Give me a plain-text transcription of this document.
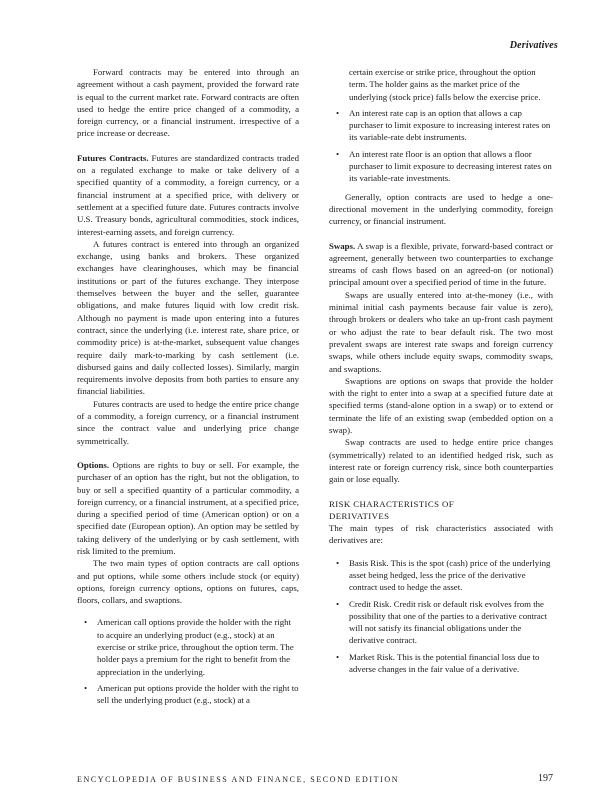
Derivatives

Forward contracts may be entered into through an agreement without a cash payment, provided the forward rate is equal to the current market rate. Forward contracts are often used to hedge the entire price changed of a commodity, a foreign currency, or a financial instrument. irrespective of a price increase or decrease.

Futures Contracts. Futures are standardized contracts traded on a regulated exchange to make or take delivery of a specified quantity of a commodity, a foreign currency, or a financial instrument at a specified price, with delivery or settlement at a specified future date. Futures contracts involve U.S. Treasury bonds, agricultural commodities, stock indices, interest-earning assets, and foreign currency.

A futures contract is entered into through an organized exchange, using banks and brokers. These organized exchanges have clearinghouses, which may be financial institutions or part of the futures exchange. They interpose themselves between the buyer and the seller, guarantee obligations, and make futures liquid with low credit risk. Although no payment is made upon entering into a futures contract, since the underlying (i.e. interest rate, share price, or commodity price) is at-the-market, subsequent value changes require daily mark-to-marking by cash settlement (i.e. disbursed gains and daily collected losses). Similarly, margin requirements involve deposits from both parties to ensure any financial liabilities.

Futures contracts are used to hedge the entire price change of a commodity, a foreign currency, or a financial instrument since the contract value and underlying price change symmetrically.

Options. Options are rights to buy or sell. For example, the purchaser of an option has the right, but not the obligation, to buy or sell a specified quantity of a particular commodity, a foreign currency, or a financial instrument, at a specified price, during a specified period of time (American option) or on a specified date (European option). An option may be settled by taking delivery of the underlying or by cash settlement, with risk limited to the premium.

The two main types of option contracts are call options and put options, while some others include stock (or equity) options, foreign currency options, options on futures, caps, floors, collars, and swaptions.

• American call options provide the holder with the right to acquire an underlying product (e.g., stock) at an exercise or strike price, throughout the option term. The holder pays a premium for the right to benefit from the appreciation in the underlying.
• American put options provide the holder with the right to sell the underlying product (e.g., stock) at a
certain exercise or strike price, throughout the option term. The holder gains as the market price of the underlying (stock price) falls below the exercise price.
• An interest rate cap is an option that allows a cap purchaser to limit exposure to increasing interest rates on its variable-rate debt instruments.
• An interest rate floor is an option that allows a floor purchaser to limit exposure to decreasing interest rates on its variable-rate investments.

Generally, option contracts are used to hedge a one-directional movement in the underlying commodity, foreign currency, or financial instrument.

Swaps. A swap is a flexible, private, forward-based contract or agreement, generally between two counterparties to exchange streams of cash flows based on an agreed-on (or notional) principal amount over a specified period of time in the future.

Swaps are usually entered into at-the-money (i.e., with minimal initial cash payments because fair value is zero), through brokers or dealers who take an up-front cash payment or who adjust the rate to bear default risk. The two most prevalent swaps are interest rate swaps and foreign currency swaps, while others include equity swaps, commodity swaps, and swaptions.

Swaptions are options on swaps that provide the holder with the right to enter into a swap at a specified future date at specified terms (stand-alone option in a swap) or to extend or terminate the life of an existing swap (embedded option on a swap).

Swap contracts are used to hedge entire price changes (symmetrically) related to an identified hedged risk, such as interest rate or foreign currency risk, since both counterparties gain or lose equally.

RISK CHARACTERISTICS OF
DERIVATIVES

The main types of risk characteristics associated with derivatives are:

• Basis Risk. This is the spot (cash) price of the underlying asset being hedged, less the price of the derivative contract used to hedge the asset.
• Credit Risk. Credit risk or default risk evolves from the possibility that one of the parties to a derivative contract will not satisfy its financial obligations under the derivative contract.
• Market Risk. This is the potential financial loss due to adverse changes in the fair value of a derivative.
ENCYCLOPEDIA OF BUSINESS AND FINANCE, SECOND EDITION	197
